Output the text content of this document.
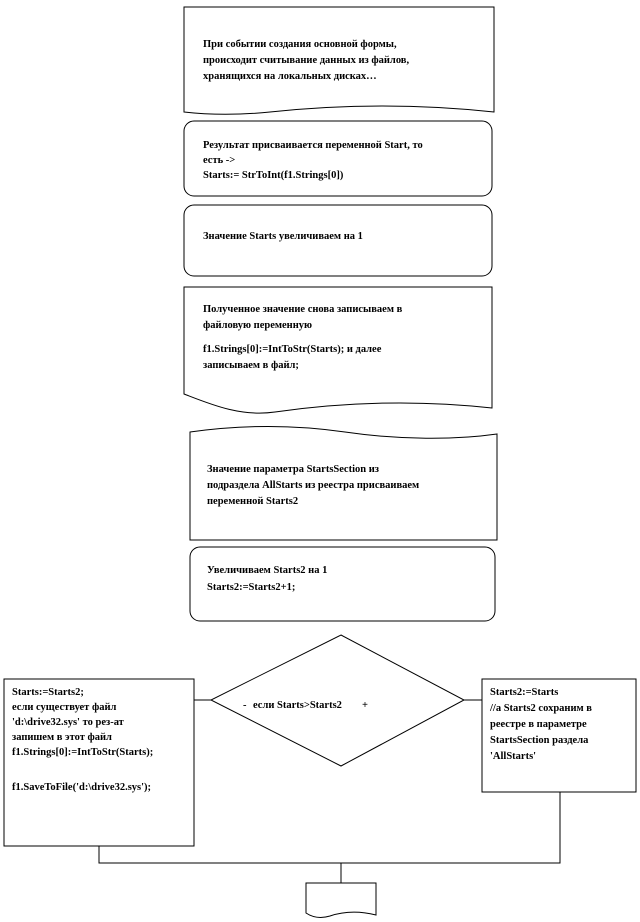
При событии создания основной формы,
происходит считывание данных из файлов,
хранящихся на локальных дисках…
Результат присваивается переменной Start, то
есть ->
Starts:= StrToInt(f1.Strings[0])
Значение Starts увеличиваем на 1
Полученное значение снова записываем в
файловую переменную
f1.Strings[0]:=IntToStr(Starts); и далее
записываем в файл;
Значение параметра StartsSection из
подраздела AllStarts из реестра присваиваем
переменной Starts2
Увеличиваем Starts2 на 1
Starts2:=Starts2+1;
- если Starts>Starts2 +
Starts:=Starts2;
если существует файл
'd:\drive32.sys' то рез-ат
запишем в этот файл
f1.Strings[0]:=IntToStr(Starts);
f1.SaveToFile('d:\drive32.sys');
Starts2:=Starts
//а Starts2 сохраним в
реестре в параметре
StartsSection раздела
'AllStarts'
